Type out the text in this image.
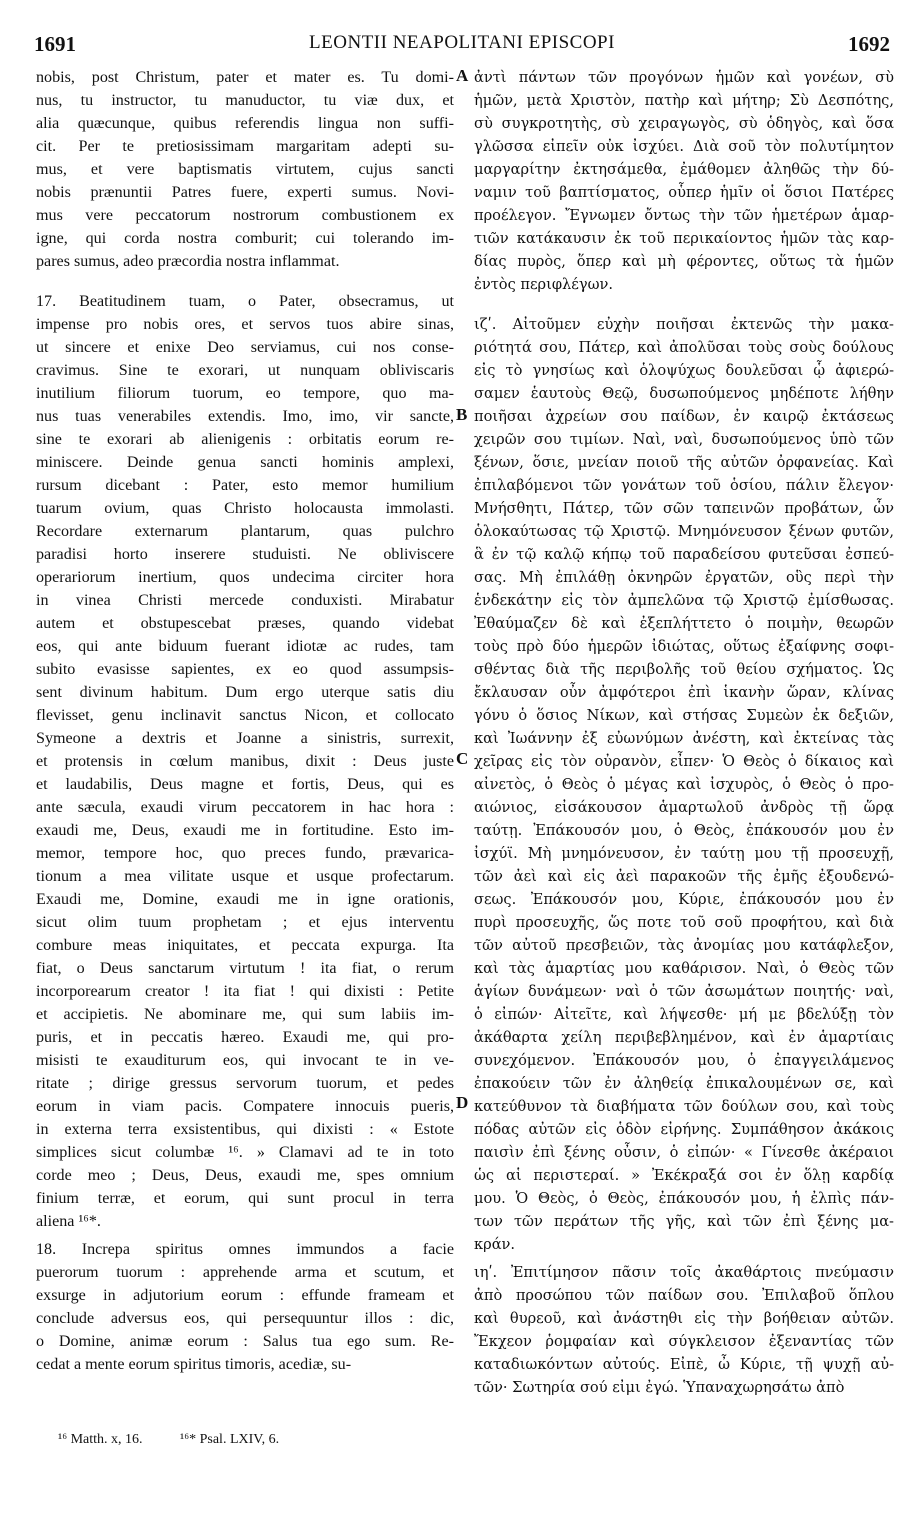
1691	LEONTII NEAPOLITANI EPISCOPI	1692
nobis, post Christum, pater et mater es. Tu domi-
nus, tu instructor, tu manuductor, tu viæ dux, et
alia quæcunque, quibus referendis lingua non suffi-
cit. Per te pretiosissimam margaritam adepti su-
mus, et vere baptismatis virtutem, cujus sancti
nobis prænuntii Patres fuere, experti sumus. Novi-
mus vere peccatorum nostrorum combustionem ex
igne, qui corda nostra comburit; cui tolerando im-
pares sumus, adeo præcordia nostra inflammat.
17. Beatitudinem tuam, o Pater, obsecramus, ut
impense pro nobis ores, et servos tuos abire sinas,
ut sincere et enixe Deo serviamus, cui nos conse-
cravimus. Sine te exorari, ut nunquam obliviscaris
inutilium filiorum tuorum, eo tempore, quo ma-
nus tuas venerabiles extendis. Imo, imo, vir sancte,
sine te exorari ab alienigenis : orbitatis eorum re-
miniscere. Deinde genua sancti hominis amplexi,
rursum dicebant : Pater, esto memor humilium
tuarum ovium, quas Christo holocausta immolasti.
Recordare externarum plantarum, quas pulchro
paradisi horto inserere studuisti. Ne obliviscere
operariorum inertium, quos undecima circiter hora
in vinea Christi mercede conduxisti. Mirabatur
autem et obstupescebat præses, quando videbat
eos, qui ante biduum fuerant idiotæ ac rudes, tam
subito evasisse sapientes, ex eo quod assumpsis-
sent divinum habitum. Dum ergo uterque satis diu
flevisset, genu inclinavit sanctus Nicon, et collocato
Symeone a dextris et Joanne a sinistris, surrexit,
et protensis in cœlum manibus, dixit : Deus juste
et laudabilis, Deus magne et fortis, Deus, qui es
ante sæcula, exaudi virum peccatorem in hac hora :
exaudi me, Deus, exaudi me in fortitudine. Esto im-
memor, tempore hoc, quo preces fundo, prævarica-
tionum a mea vilitate usque et usque profectarum.
Exaudi me, Domine, exaudi me in igne orationis,
sicut olim tuum prophetam ; et ejus interventu
combure meas iniquitates, et peccata expurga. Ita
fiat, o Deus sanctarum virtutum ! ita fiat, o rerum
incorporearum creator ! ita fiat ! qui dixisti : Petite
et accipietis. Ne abominare me, qui sum labiis im-
puris, et in peccatis hæreo. Exaudi me, qui pro-
misisti te exauditurum eos, qui invocant te in ve-
ritate ; dirige gressus servorum tuorum, et pedes
eorum in viam pacis. Compatere innocuis pueris,
in externa terra exsistentibus, qui dixisti : « Estote
simplices sicut columbæ ¹⁶. » Clamavi ad te in toto
corde meo ; Deus, Deus, exaudi me, spes omnium
finium terræ, et eorum, qui sunt procul in terra
aliena ¹⁶*.
18. Increpa spiritus omnes immundos a facie
puerorum tuorum : apprehende arma et scutum, et
exsurge in adjutorium eorum : effunde frameam et
conclude adversus eos, qui persequuntur illos : dic,
o Domine, animæ eorum : Salus tua ego sum. Re-
cedat a mente eorum spiritus timoris, acediæ, su-
ἀντὶ πάντων τῶν προγόνων ἡμῶν καὶ γονέων, σὺ
ἡμῶν, μετὰ Χριστὸν, πατὴρ καὶ μήτηρ; Σὺ Δεσπότης,
σὺ συγκροτητὴς, σὺ χειραγωγὸς, σὺ ὁδηγὸς, καὶ ὅσα
γλῶσσα εἰπεῖν οὐκ ἰσχύει. Διὰ σοῦ τὸν πολυτίμητον
μαργαρίτην ἐκτησάμεθα, ἐμάθομεν ἀληθῶς τὴν δύ-
ναμιν τοῦ βαπτίσματος, οὗπερ ἡμῖν οἱ ὅσιοι Πατέρες
προέλεγον. Ἔγνωμεν ὄντως τὴν τῶν ἡμετέρων ἁμαρ-
τιῶν κατάκαυσιν ἐκ τοῦ περικαίοντος ἡμῶν τὰς καρ-
δίας πυρὸς, ὅπερ καὶ μὴ φέροντες, οὕτως τὰ ἡμῶν
ἐντὸς περιφλέγων.
ιζʹ. Αἰτοῦμεν εὐχὴν ποιῆσαι ἐκτενῶς τὴν μακα-
ριότητά σου, Πάτερ, καὶ ἀπολῦσαι τοὺς σοὺς δούλους
εἰς τὸ γνησίως καὶ ὁλοψύχως δουλεῦσαι ᾧ ἀφιερώ-
σαμεν ἑαυτοὺς Θεῷ, δυσωπούμενος μηδέποτε λήθην
ποιῆσαι ἀχρείων σου παίδων, ἐν καιρῷ ἐκτάσεως
χειρῶν σου τιμίων. Ναὶ, ναὶ, δυσωπούμενος ὑπὸ τῶν
ξένων, ὅσιε, μνείαν ποιοῦ τῆς αὐτῶν ὀρφανείας. Καὶ
ἐπιλαβόμενοι τῶν γονάτων τοῦ ὁσίου, πάλιν ἔλεγον·
Μνήσθητι, Πάτερ, τῶν σῶν ταπεινῶν προβάτων, ὧν
ὁλοκαύτωσας τῷ Χριστῷ. Μνημόνευσον ξένων φυτῶν,
ἃ ἐν τῷ καλῷ κήπῳ τοῦ παραδείσου φυτεῦσαι ἐσπεύ-
σας. Μὴ ἐπιλάθῃ ὀκνηρῶν ἐργατῶν, οὓς περὶ τὴν
ἑνδεκάτην εἰς τὸν ἀμπελῶνα τῷ Χριστῷ ἐμίσθωσας.
Ἐθαύμαζεν δὲ καὶ ἐξεπλήττετο ὁ ποιμὴν, θεωρῶν
τοὺς πρὸ δύο ἡμερῶν ἰδιώτας, οὕτως ἐξαίφνης σοφι-
σθέντας διὰ τῆς περιβολῆς τοῦ θείου σχήματος. Ὡς
ἔκλαυσαν οὖν ἀμφότεροι ἐπὶ ἱκανὴν ὥραν, κλίνας
γόνυ ὁ ὅσιος Νίκων, καὶ στήσας Συμεὼν ἐκ δεξιῶν,
καὶ Ἰωάννην ἐξ εὐωνύμων ἀνέστη, καὶ ἐκτείνας τὰς
χεῖρας εἰς τὸν οὐρανὸν, εἶπεν· Ὁ Θεὸς ὁ δίκαιος καὶ
αἰνετὸς, ὁ Θεὸς ὁ μέγας καὶ ἰσχυρὸς, ὁ Θεὸς ὁ προ-
αιώνιος, εἰσάκουσον ἁμαρτωλοῦ ἀνδρὸς τῇ ὥρᾳ
ταύτῃ. Ἐπάκουσόν μου, ὁ Θεὸς, ἐπάκουσόν μου ἐν
ἰσχύϊ. Μὴ μνημόνευσον, ἐν ταύτῃ μου τῇ προσευχῇ,
τῶν ἀεὶ καὶ εἰς ἀεὶ παρακοῶν τῆς ἐμῆς ἐξουδενώ-
σεως. Ἐπάκουσόν μου, Κύριε, ἐπάκουσόν μου ἐν
πυρὶ προσευχῆς, ὥς ποτε τοῦ σοῦ προφήτου, καὶ διὰ
τῶν αὐτοῦ πρεσβειῶν, τὰς ἀνομίας μου κατάφλεξον,
καὶ τὰς ἁμαρτίας μου καθάρισον. Ναὶ, ὁ Θεὸς τῶν
ἁγίων δυνάμεων· ναὶ ὁ τῶν ἀσωμάτων ποιητής· ναὶ,
ὁ εἰπών· Αἰτεῖτε, καὶ λήψεσθε· μή με βδελύξῃ τὸν
ἀκάθαρτα χείλη περιβεβλημένον, καὶ ἐν ἁμαρτίαις
συνεχόμενον. Ἐπάκουσόν μου, ὁ ἐπαγγειλάμενος
ἐπακούειν τῶν ἐν ἀληθείᾳ ἐπικαλουμένων σε, καὶ
κατεύθυνον τὰ διαβήματα τῶν δούλων σου, καὶ τοὺς
πόδας αὐτῶν εἰς ὁδὸν εἰρήνης. Συμπάθησον ἀκάκοις
παισὶν ἐπὶ ξένης οὖσιν, ὁ εἰπών· « Γίνεσθε ἀκέραιοι
ὡς αἱ περιστεραί. » Ἐκέκραξά σοι ἐν ὅλῃ καρδίᾳ
μου. Ὁ Θεὸς, ὁ Θεὸς, ἐπάκουσόν μου, ἡ ἐλπὶς πάν-
των τῶν περάτων τῆς γῆς, καὶ τῶν ἐπὶ ξένης μα-
κράν.
ιηʹ. Ἐπιτίμησον πᾶσιν τοῖς ἀκαθάρτοις πνεύμασιν
ἀπὸ προσώπου τῶν παίδων σου. Ἐπιλαβοῦ ὅπλου
καὶ θυρεοῦ, καὶ ἀνάστηθι εἰς τὴν βοήθειαν αὐτῶν.
Ἔκχεον ῥομφαίαν καὶ σύγκλεισον ἐξεναντίας τῶν
καταδιωκόντων αὐτούς. Εἰπὲ, ὦ Κύριε, τῇ ψυχῇ αὐ-
τῶν· Σωτηρία σού εἰμι ἐγώ. Ὑπαναχωρησάτω ἀπὸ
A
B
C
D
¹⁶ Matth. x, 16.	¹⁶* Psal. LXIV, 6.
